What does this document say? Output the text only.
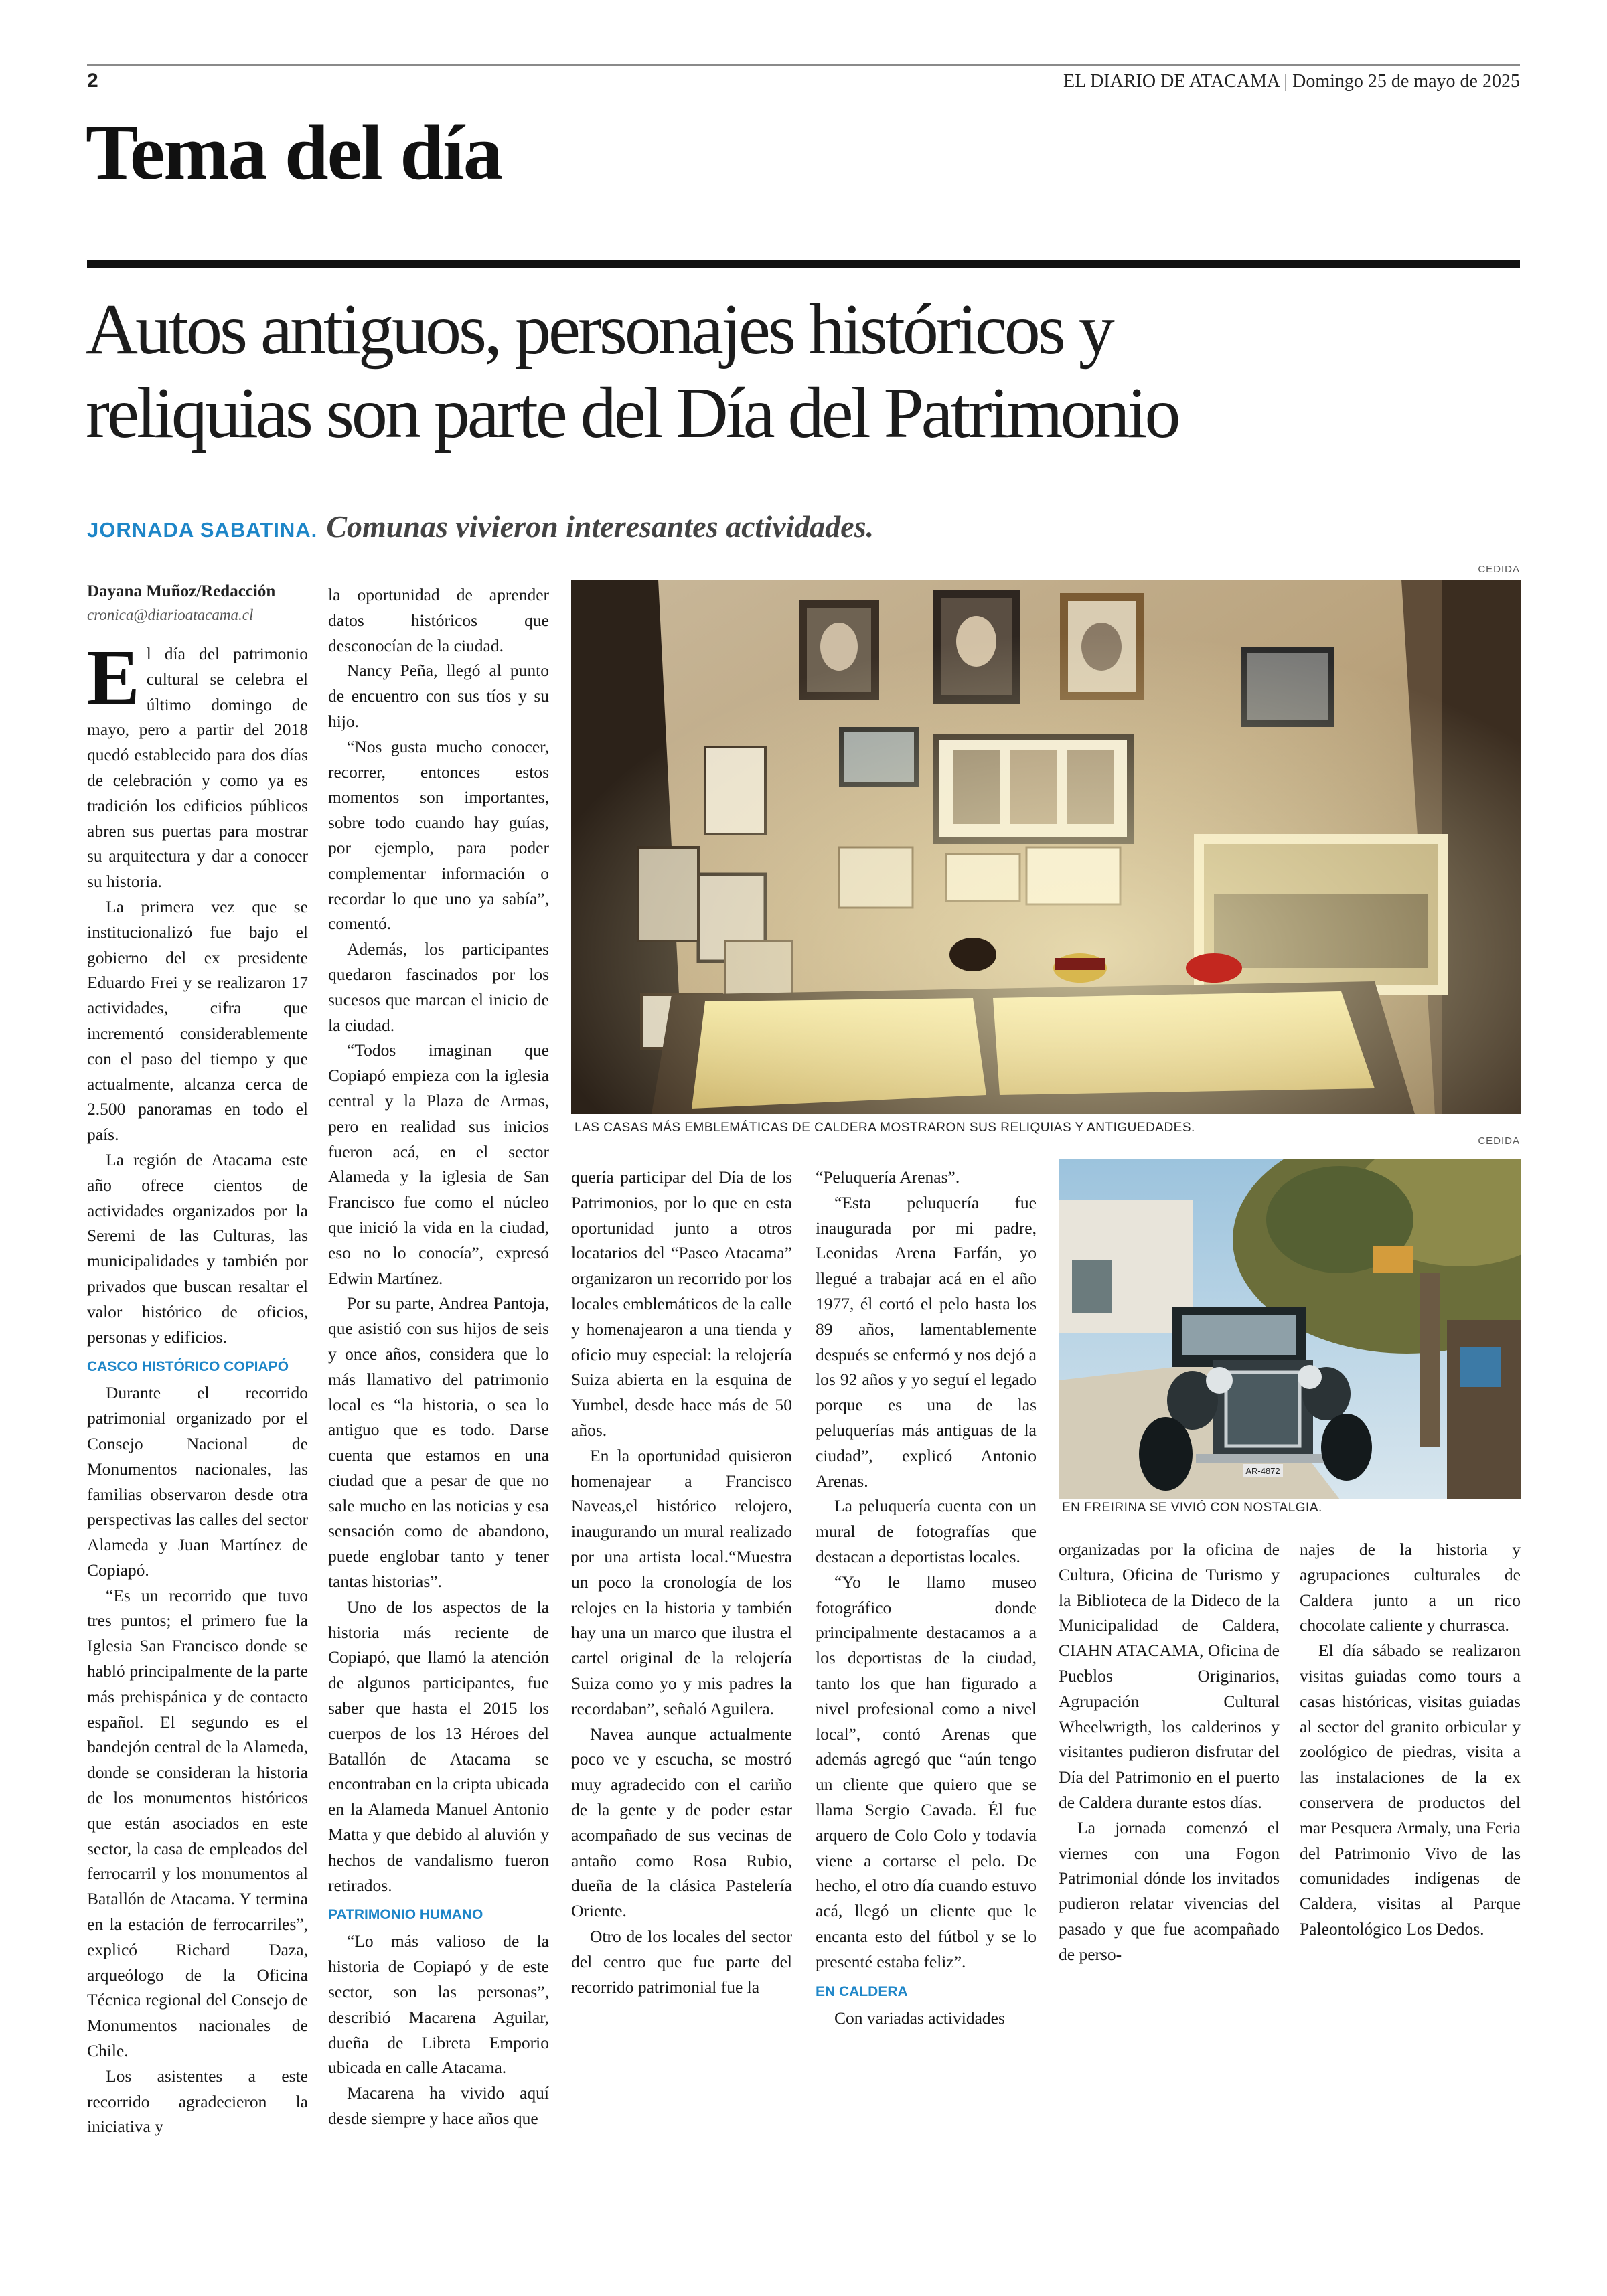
2	EL DIARIO DE ATACAMA | Domingo 25 de mayo de 2025
Tema del día
Autos antiguos, personajes históricos y
reliquias son parte del Día del Patrimonio
JORNADA SABATINA. Comunas vivieron interesantes actividades.
CEDIDA
LAS CASAS MÁS EMBLEMÁTICAS DE CALDERA MOSTRARON SUS RELIQUIAS Y ANTIGUEDADES.
CEDIDA
AR-4872
EN FREIRINA SE VIVIÓ CON NOSTALGIA.
Dayana Muñoz/Redacción
cronica@diarioatacama.cl

El día del patrimonio cultural se celebra el último domingo de mayo, pero a partir del 2018 quedó establecido para dos días de celebración y como ya es tradición los edificios públicos abren sus puertas para mostrar su arquitectura y dar a conocer su historia.

La primera vez que se institucionalizó fue bajo el gobierno del ex presidente Eduardo Frei y se realizaron 17 actividades, cifra que incrementó considerablemente con el paso del tiempo y que actualmente, alcanza cerca de 2.500 panoramas en todo el país.

La región de Atacama este año ofrece cientos de actividades organizados por la Seremi de las Culturas, las municipalidades y también por privados que buscan resaltar el valor histórico de oficios, personas y edificios.

CASCO HISTÓRICO COPIAPÓ

Durante el recorrido patrimonial organizado por el Consejo Nacional de Monumentos nacionales, las familias observaron desde otra perspectivas las calles del sector Alameda y Juan Martínez de Copiapó.

“Es un recorrido que tuvo tres puntos; el primero fue la Iglesia San Francisco donde se habló principalmente de la parte más prehispánica y de contacto español. El segundo es el bandejón central de la Alameda, donde se consideran la historia de los monumentos históricos que están asociados en este sector, la casa de empleados del ferrocarril y los monumentos al Batallón de Atacama. Y termina en la estación de ferrocarriles”, explicó Richard Daza, arqueólogo de la Oficina Técnica regional del Consejo de Monumentos nacionales de Chile.

Los asistentes a este recorrido agradecieron la iniciativa y

la oportunidad de aprender datos históricos que desconocían de la ciudad.

Nancy Peña, llegó al punto de encuentro con sus tíos y su hijo.

“Nos gusta mucho conocer, recorrer, entonces estos momentos son importantes, sobre todo cuando hay guías, por ejemplo, para poder complementar información o recordar lo que uno ya sabía”, comentó.

Además, los participantes quedaron fascinados por los sucesos que marcan el inicio de la ciudad.

“Todos imaginan que Copiapó empieza con la iglesia central y la Plaza de Armas, pero en realidad sus inicios fueron acá, en el sector Alameda y la iglesia de San Francisco fue como el núcleo que inició la vida en la ciudad, eso no lo conocía”, expresó Edwin Martínez.

Por su parte, Andrea Pantoja, que asistió con sus hijos de seis y once años, considera que lo más llamativo del patrimonio local es “la historia, o sea lo antiguo que es todo. Darse cuenta que estamos en una ciudad que a pesar de que no sale mucho en las noticias y esa sensación como de abandono, puede englobar tanto y tener tantas historias”.

Uno de los aspectos de la historia más reciente de Copiapó, que llamó la atención de algunos participantes, fue saber que hasta el 2015 los cuerpos de los 13 Héroes del Batallón de Atacama se encontraban en la cripta ubicada en la Alameda Manuel Antonio Matta y que debido al aluvión y hechos de vandalismo fueron retirados.

PATRIMONIO HUMANO

“Lo más valioso de la historia de Copiapó y de este sector, son las personas”, describió Macarena Aguilar, dueña de Libreta Emporio ubicada en calle Atacama.

Macarena ha vivido aquí desde siempre y hace años que

quería participar del Día de los Patrimonios, por lo que en esta oportunidad junto a otros locatarios del “Paseo Atacama” organizaron un recorrido por los locales emblemáticos de la calle y homenajearon a una tienda y oficio muy especial: la relojería Suiza abierta en la esquina de Yumbel, desde hace más de 50 años.

En la oportunidad quisieron homenajear a Francisco Naveas,el histórico relojero, inaugurando un mural realizado por una artista local.“Muestra un poco la cronología de los relojes en la historia y también hay una un marco que ilustra el cartel original de la relojería Suiza como yo y mis padres la recordaban”, señaló Aguilera.

Navea aunque actualmente poco ve y escucha, se mostró muy agradecido con el cariño de la gente y de poder estar acompañado de sus vecinas de antaño como Rosa Rubio, dueña de la clásica Pastelería Oriente.

Otro de los locales del sector del centro que fue parte del recorrido patrimonial fue la

“Peluquería Arenas”.

“Esta peluquería fue inaugurada por mi padre, Leonidas Arena Farfán, yo llegué a trabajar acá en el año 1977, él cortó el pelo hasta los 89 años, lamentablemente después se enfermó y nos dejó a los 92 años y yo seguí el legado porque es una de las peluquerías más antiguas de la ciudad”, explicó Antonio Arenas.

La peluquería cuenta con un mural de fotografías que destacan a deportistas locales.

“Yo le llamo museo fotográfico donde principalmente destacamos a a los deportistas de la ciudad, tanto los que han figurado a nivel profesional como a nivel local”, contó Arenas que además agregó que “aún tengo un cliente que quiero que se llama Sergio Cavada. Él fue arquero de Colo Colo y todavía viene a cortarse el pelo. De hecho, el otro día cuando estuvo acá, llegó un cliente que le encanta esto del fútbol y se lo presenté estaba feliz”.

EN CALDERA

Con variadas actividades

organizadas por la oficina de Cultura, Oficina de Turismo y la Biblioteca de la Dideco de la Municipalidad de Caldera, CIAHN ATACAMA, Oficina de Pueblos Originarios, Agrupación Cultural Wheelwrigth, los calderinos y visitantes pudieron disfrutar del Día del Patrimonio en el puerto de Caldera durante estos días.

La jornada comenzó el viernes con una Fogon Patrimonial dónde los invitados pudieron relatar vivencias del pasado y que fue acompañado de perso-

najes de la historia y agrupaciones culturales de Caldera junto a un rico chocolate caliente y churrasca.

El día sábado se realizaron visitas guiadas como tours a casas históricas, visitas guiadas al sector del granito orbicular y zoológico de piedras, visita a las instalaciones de la ex conservera de productos del mar Pesquera Armaly, una Feria del Patrimonio Vivo de las comunidades indígenas de Caldera, visitas al Parque Paleontológico Los Dedos.
